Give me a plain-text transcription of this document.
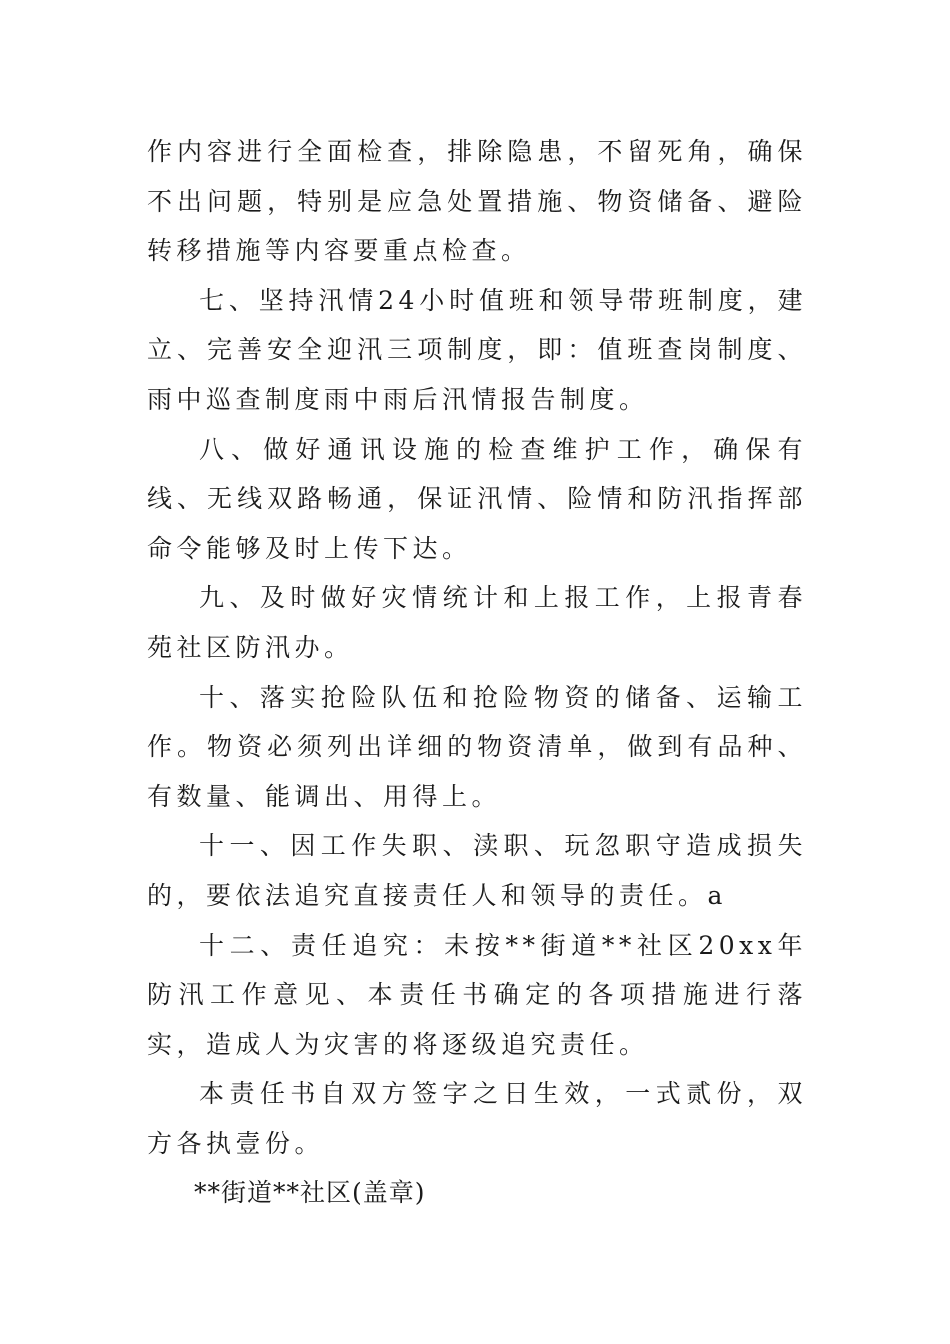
作内容进行全面检查，排除隐患，不留死角，确保不出问题，特别是应急处置措施、物资储备、避险转移措施等内容要重点检查。

七、坚持汛情24小时值班和领导带班制度，建立、完善安全迎汛三项制度，即：值班查岗制度、雨中巡查制度雨中雨后汛情报告制度。

八、做好通讯设施的检查维护工作，确保有线、无线双路畅通，保证汛情、险情和防汛指挥部命令能够及时上传下达。

九、及时做好灾情统计和上报工作，上报青春苑社区防汛办。

十、落实抢险队伍和抢险物资的储备、运输工作。物资必须列出详细的物资清单，做到有品种、有数量、能调出、用得上。

十一、因工作失职、渎职、玩忽职守造成损失的，要依法追究直接责任人和领导的责任。a

十二、责任追究：未按**街道**社区20xx年防汛工作意见、本责任书确定的各项措施进行落实，造成人为灾害的将逐级追究责任。

本责任书自双方签字之日生效，一式贰份，双方各执壹份。

**街道**社区(盖章)
